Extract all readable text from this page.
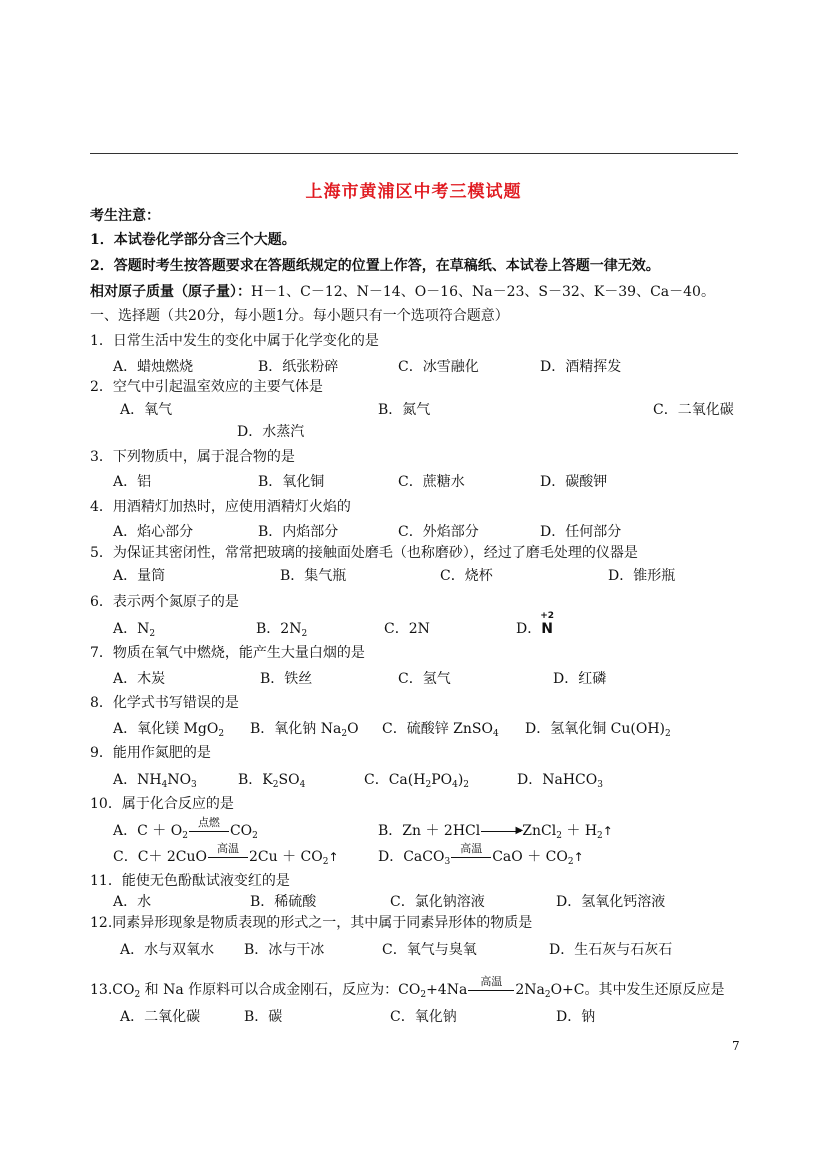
上海市黄浦区中考三模试题
考生注意：
1．本试卷化学部分含三个大题。
2．答题时考生按答题要求在答题纸规定的位置上作答，在草稿纸、本试卷上答题一律无效。
相对原子质量（原子量）：H－1、C－12、N－14、O－16、Na－23、S－32、K－39、Ca－40。
一、选择题（共20分，每小题1分。每小题只有一个选项符合题意）
1．日常生活中发生的变化中属于化学变化的是
A．蜡烛燃烧	B．纸张粉碎	C．冰雪融化	D．酒精挥发
2．空气中引起温室效应的主要气体是
A．氧气	B．氮气	C．二氧化碳
D．水蒸汽
3．下列物质中，属于混合物的是
A．铝	B．氧化铜	C．蔗糖水	D．碳酸钾
4．用酒精灯加热时，应使用酒精灯火焰的
A．焰心部分	B．内焰部分	C．外焰部分	D．任何部分
5．为保证其密闭性，常常把玻璃的接触面处磨毛（也称磨砂），经过了磨毛处理的仪器是
A．量筒	B．集气瓶	C．烧杯	D．锥形瓶
6．表示两个氮原子的是
A．$N_2$	B．$2N_2$	C．2N	D．
+2
N
7．物质在氧气中燃烧，能产生大量白烟的是
A．木炭	B．铁丝	C．氢气	D．红磷
8．化学式书写错误的是
A．氧化镁 MgO$_2$ B．氧化钠 $Na_2O$ C．硫酸锌 ZnSO$_4$ D．氢氧化铜 $Cu(OH)_2$
9．能用作氮肥的是
A．$NH_4NO_3$	B．$K_2SO_4$	C．$Ca(H_2PO_4)_2$	D．NaHCO$_3$
10．属于化合反应的是
A．$C + O_2$
点燃
$CO_2$	B．Zn ＋ 2HCl	▶ ZnCl$_2$ ＋ $H_2↑$
C．C＋ 2CuO
高温
$2Cu + CO_2↑$	D．CaCO$_3$
高温
CaO ＋ $CO_2↑$
11．能使无色酚酞试液变红的是
A．水	B．稀硫酸	C．氯化钠溶液	D．氢氧化钙溶液
12.同素异形现象是物质表现的形式之一，其中属于同素异形体的物质是
A．水与双氧水 B．冰与干冰	C．氧气与臭氧	D．生石灰与石灰石
$13.CO_2$ 和 Na 作原料可以合成金刚石，反应为：$CO_2+4Na$
高温
$2Na_2O+C$。其中发生还原反应是
A．二氧化碳	B．碳	C．氧化钠	D．钠
7
